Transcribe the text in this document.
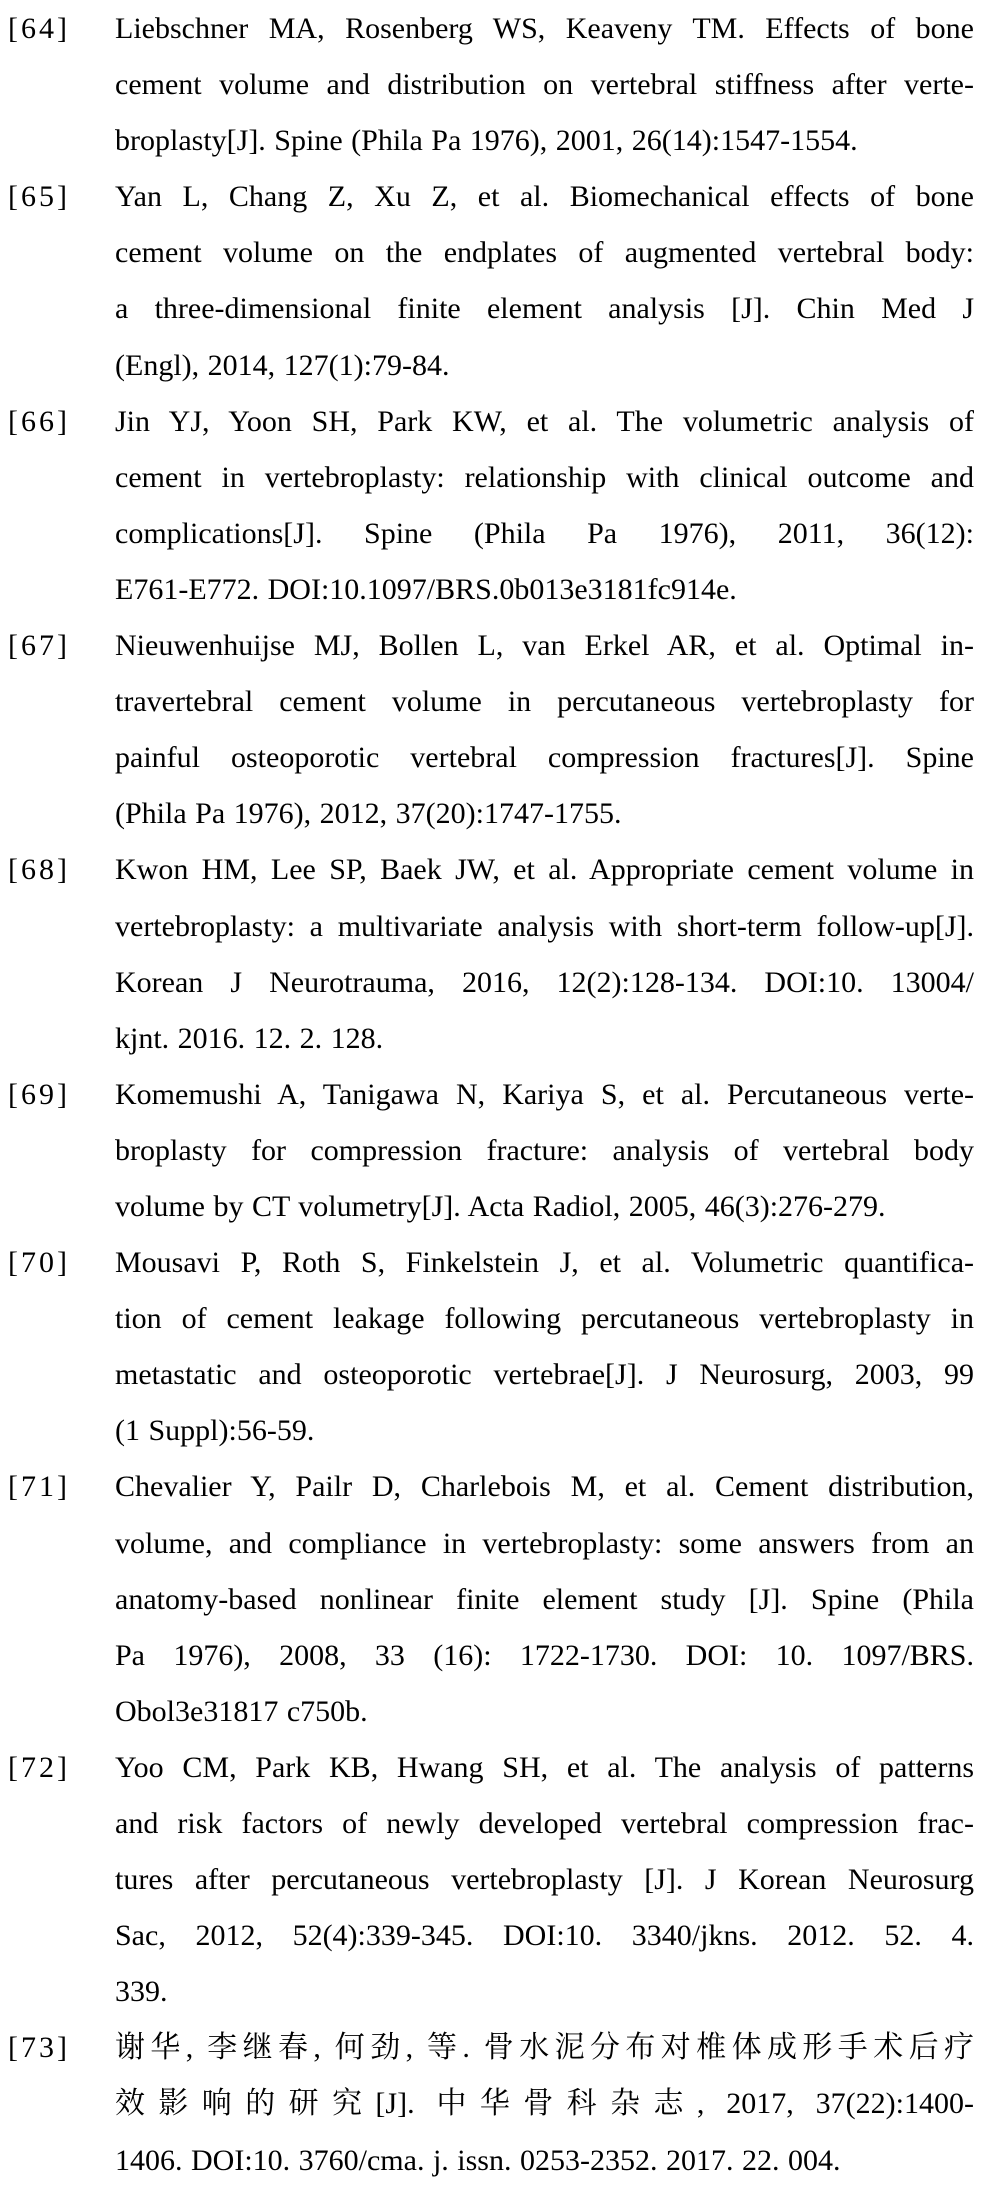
[64] Liebschner MA, Rosenberg WS, Keaveny TM. Effects of bone
cement volume and distribution on vertebral stiffness after verte-
broplasty[J]. Spine (Phila Pa 1976), 2001, 26(14):1547-1554.
[65] Yan L, Chang Z, Xu Z, et al. Biomechanical effects of bone
cement volume on the endplates of augmented vertebral body:
a three-dimensional finite element analysis [J]. Chin Med J
(Engl), 2014, 127(1):79-84.
[66] Jin YJ, Yoon SH, Park KW, et al. The volumetric analysis of
cement in vertebroplasty: relationship with clinical outcome and
complications[J]. Spine (Phila Pa 1976), 2011, 36(12):
E761-E772. DOI:10.1097/BRS.0b013e3181fc914e.
[67] Nieuwenhuijse MJ, Bollen L, van Erkel AR, et al. Optimal in-
travertebral cement volume in percutaneous vertebroplasty for
painful osteoporotic vertebral compression fractures[J]. Spine
(Phila Pa 1976), 2012, 37(20):1747-1755.
[68] Kwon HM, Lee SP, Baek JW, et al. Appropriate cement volume in
vertebroplasty: a multivariate analysis with short-term follow-up[J].
Korean J Neurotrauma, 2016, 12(2):128-134. DOI:10. 13004/
kjnt. 2016. 12. 2. 128.
[69] Komemushi A, Tanigawa N, Kariya S, et al. Percutaneous verte-
broplasty for compression fracture: analysis of vertebral body
volume by CT volumetry[J]. Acta Radiol, 2005, 46(3):276-279.
[70] Mousavi P, Roth S, Finkelstein J, et al. Volumetric quantifica-
tion of cement leakage following percutaneous vertebroplasty in
metastatic and osteoporotic vertebrae[J]. J Neurosurg, 2003, 99
(1 Suppl):56-59.
[71] Chevalier Y, Pailr D, Charlebois M, et al. Cement distribution,
volume, and compliance in vertebroplasty: some answers from an
anatomy-based nonlinear finite element study [J]. Spine (Phila
Pa 1976), 2008, 33 (16): 1722-1730. DOI: 10. 1097/BRS.
Obol3e31817 c750b.
[72] Yoo CM, Park KB, Hwang SH, et al. The analysis of patterns
and risk factors of newly developed vertebral compression frac-
tures after percutaneous vertebroplasty [J]. J Korean Neurosurg
Sac, 2012, 52(4):339-345. DOI:10. 3340/jkns. 2012. 52. 4.
339.
[73] 谢华, 李继春, 何劲, 等. 骨水泥分布对椎体成形手术后疗
效影响的研究[J]. 中华骨科杂志, 2017, 37(22):1400-
1406. DOI:10. 3760/cma. j. issn. 0253-2352. 2017. 22. 004.
